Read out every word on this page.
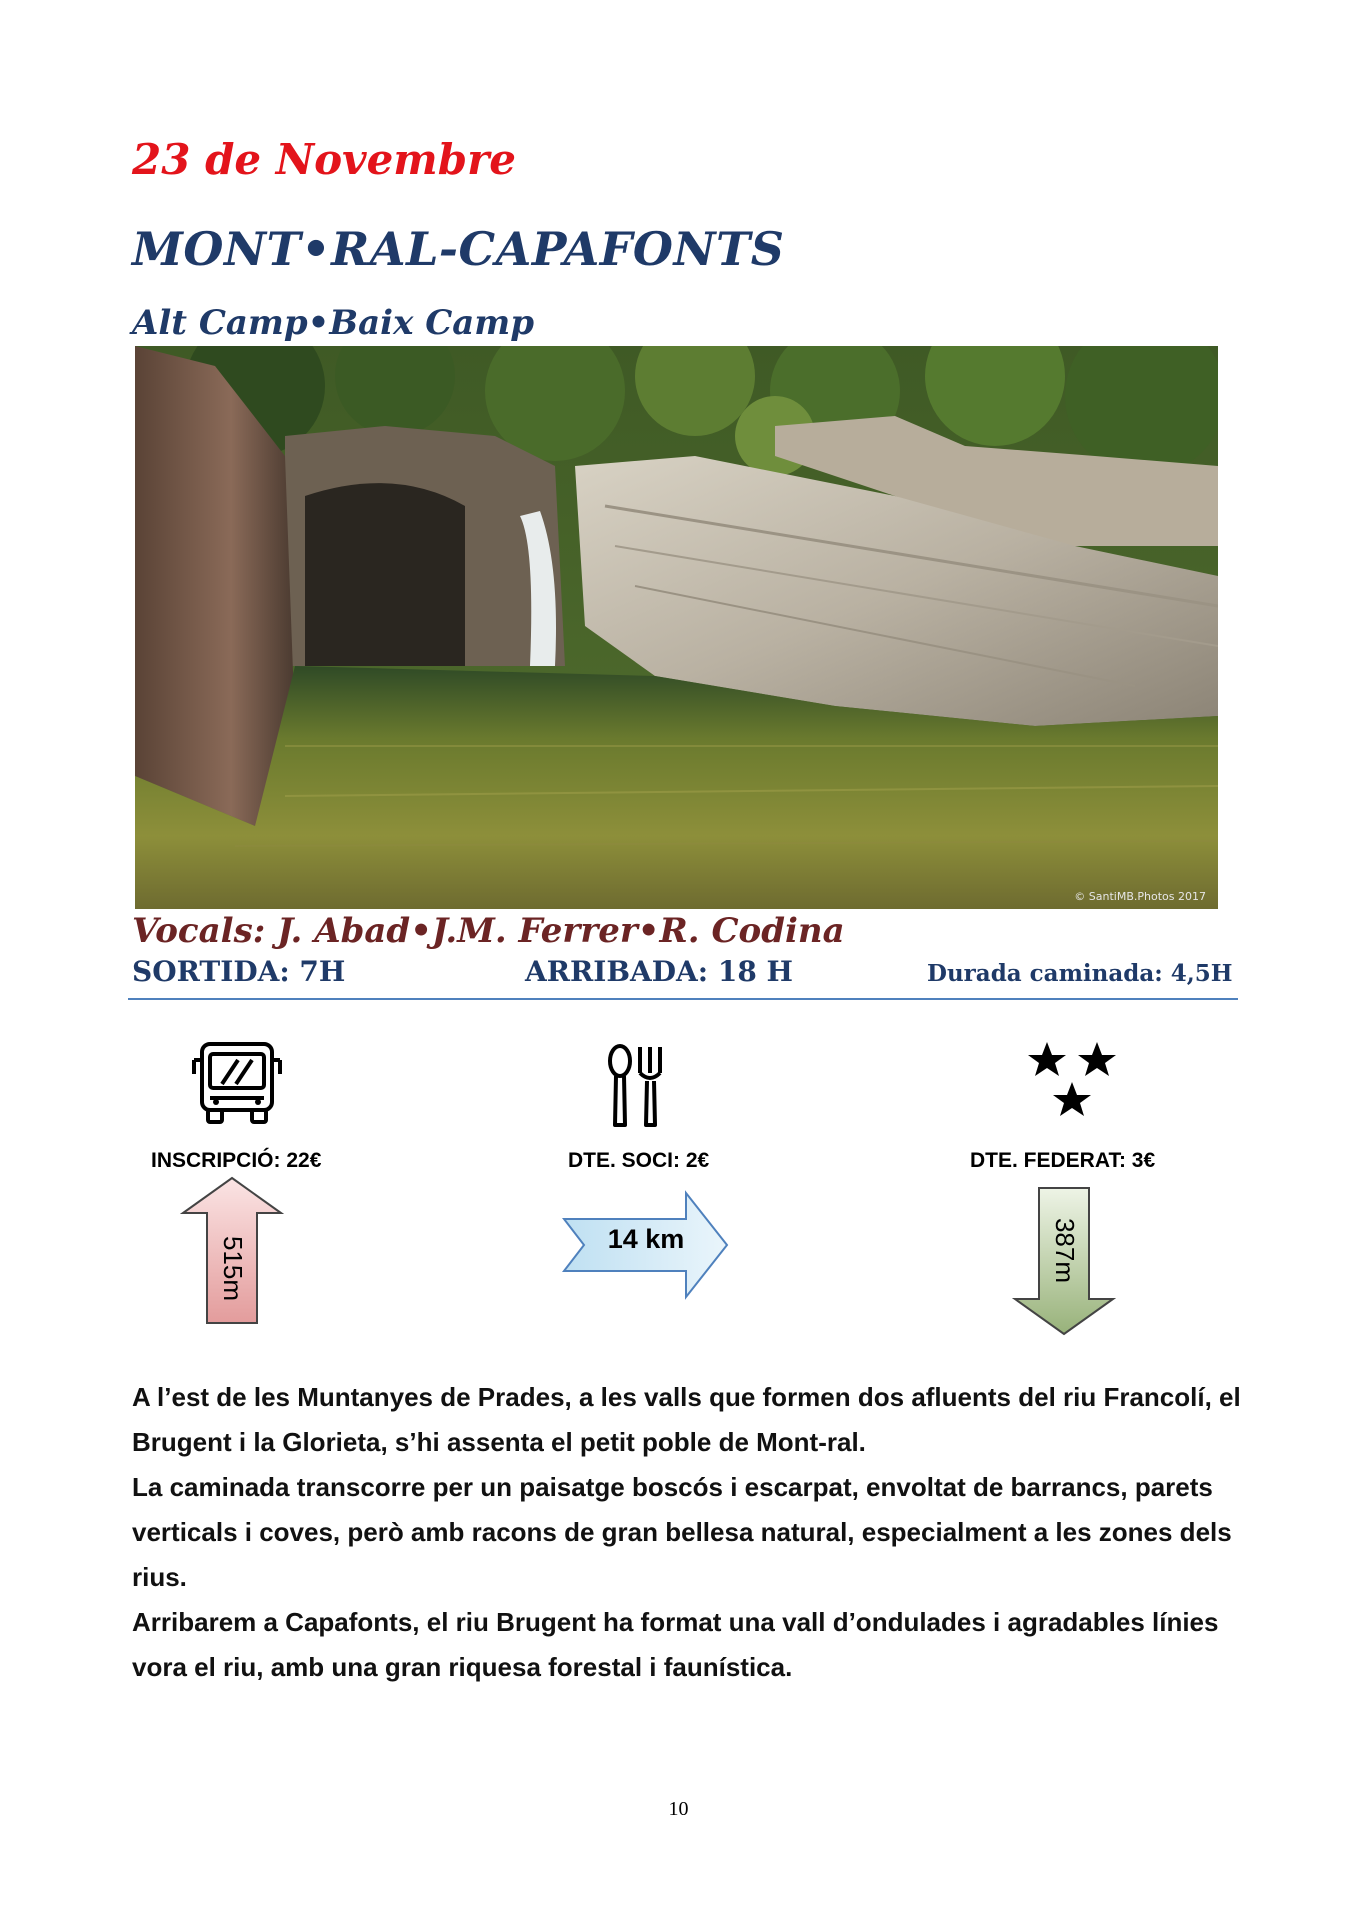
23 de Novembre
MONT•RAL-CAPAFONTS
Alt Camp•Baix Camp
© SantiMB.Photos 2017
Vocals: J. Abad•J.M. Ferrer•R. Codina
SORTIDA: 7H	ARRIBADA: 18 H	Durada caminada: 4,5H
INSCRIPCIÓ: 22€	DTE. SOCI: 2€	DTE. FEDERAT: 3€
515m	14 km	387m

A l’est de les Muntanyes de Prades, a les valls que formen dos afluents del riu Francolí, el Brugent i la Glorieta, s’hi assenta el petit poble de Mont-ral.

La caminada transcorre per un paisatge boscós i escarpat, envoltat de barrancs, parets verticals i coves, però amb racons de gran bellesa natural, especialment a les zones dels rius.

Arribarem a Capafonts, el riu Brugent ha format una vall d’ondulades i agradables línies vora el riu, amb una gran riquesa forestal i faunística.

10
